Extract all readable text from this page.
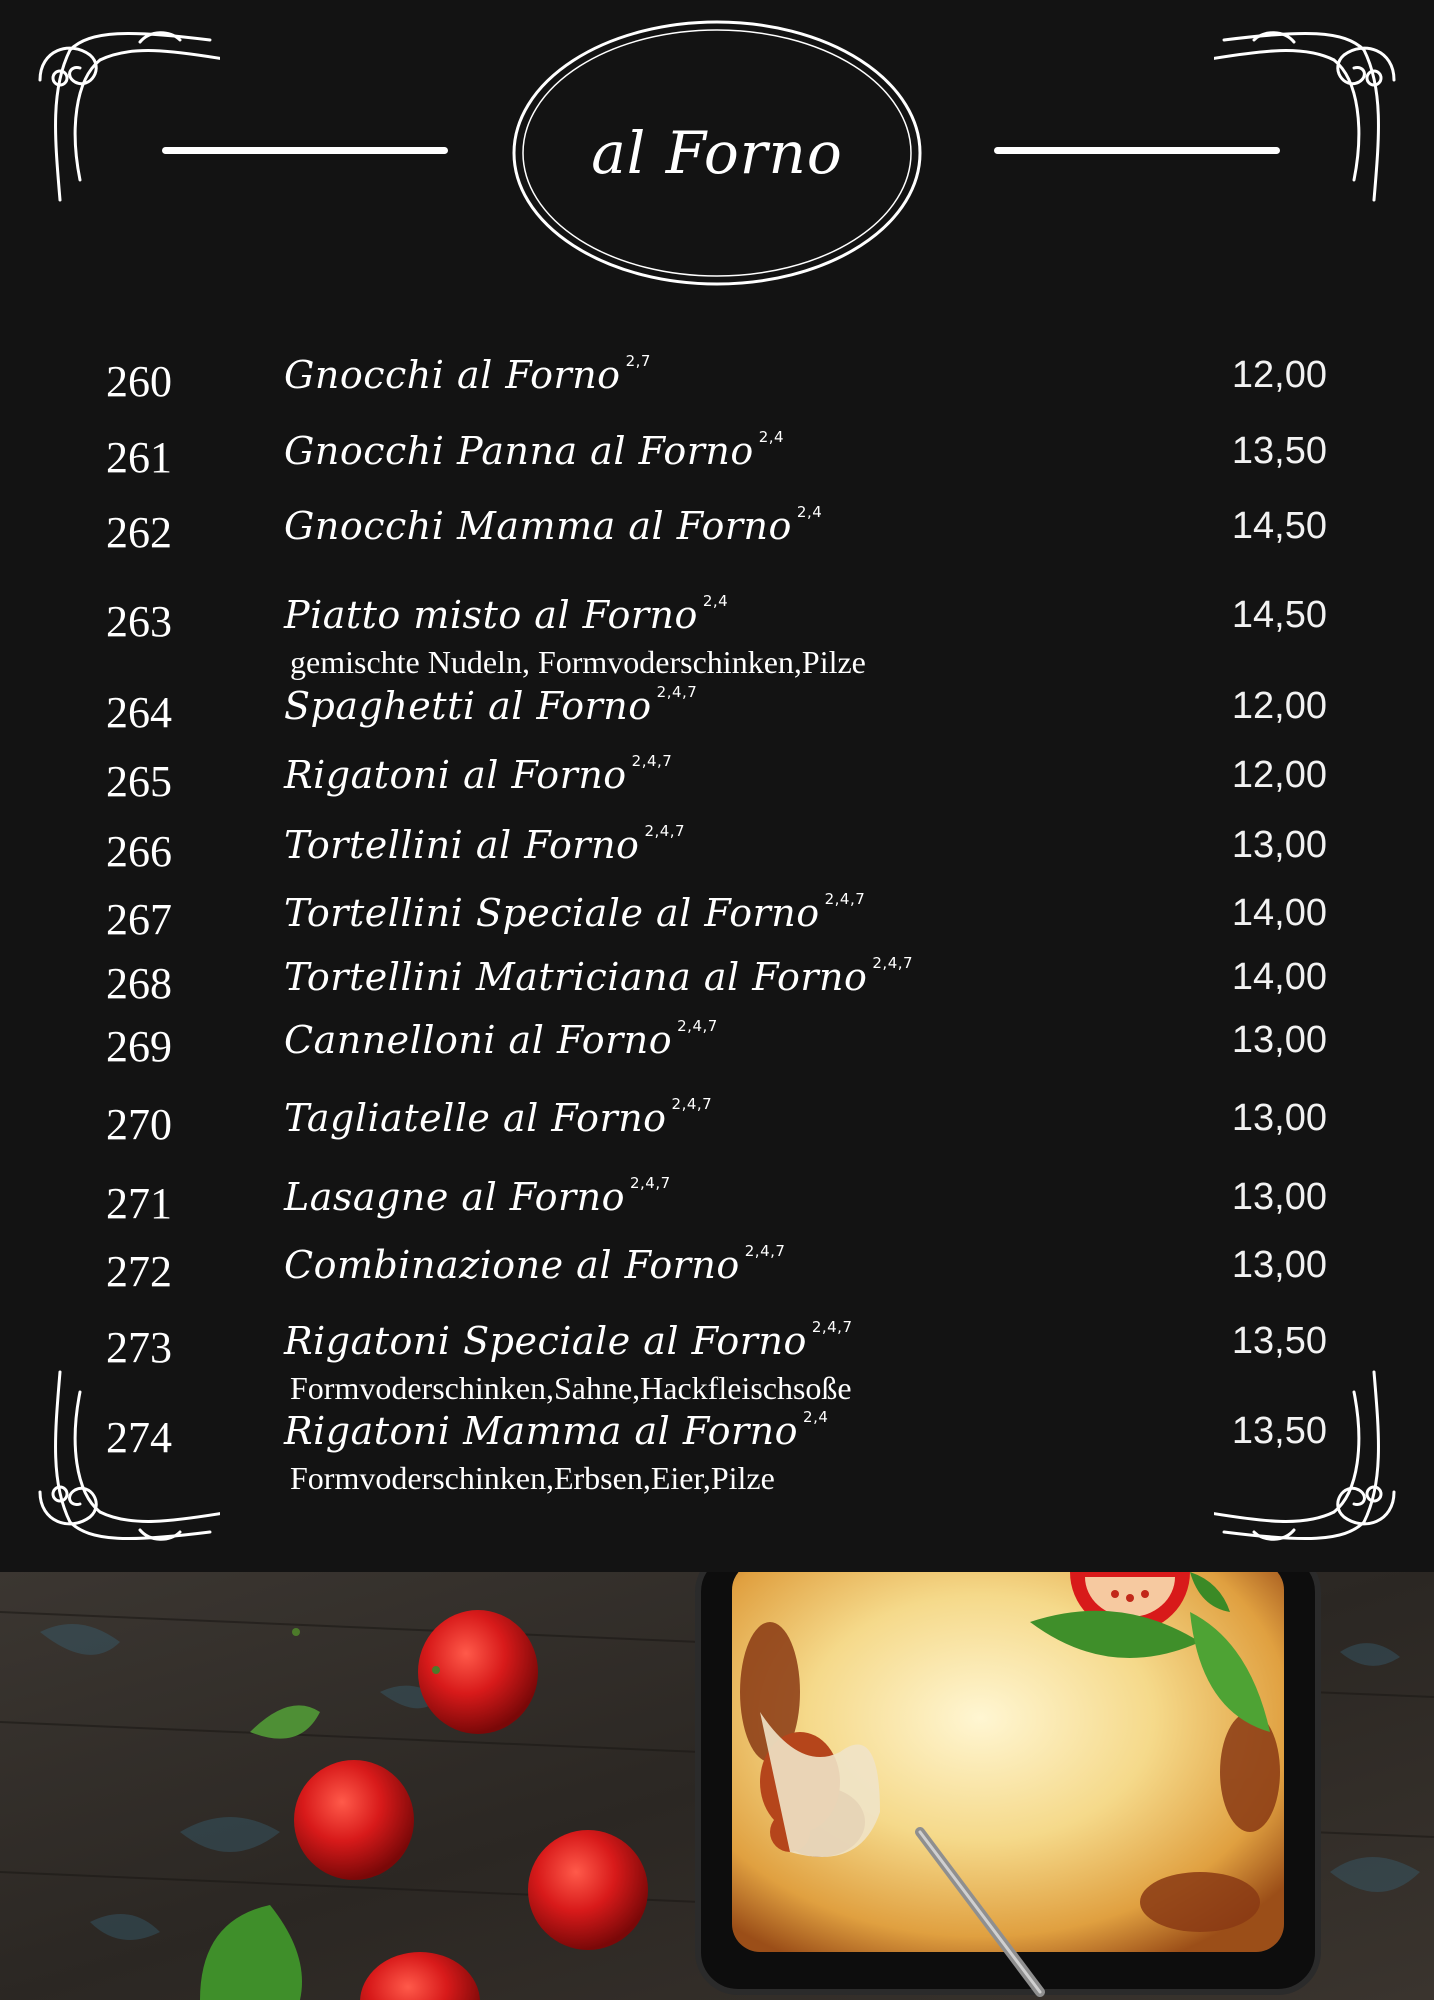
al Forno
260	Gnocchi al Forno $^{2,7}$	12,00
261	Gnocchi Panna al Forno $^{2,4}$	13,50
262	Gnocchi Mamma al Forno $^{2,4}$	14,50
263	Piatto misto al Forno $^{2,4}$	14,50
gemischte Nudeln, Formvoderschinken,Pilze
264	Spaghetti al Forno $^{2,4,7}$	12,00
265	Rigatoni al Forno $^{2,4,7}$	12,00
266	Tortellini al Forno $^{2,4,7}$	13,00
267	Tortellini Speciale al Forno $^{2,4,7}$	14,00
268	Tortellini Matriciana al Forno $^{2,4,7}$	14,00
269	Cannelloni al Forno $^{2,4,7}$	13,00
270	Tagliatelle al Forno $^{2,4,7}$	13,00
271	Lasagne al Forno $^{2,4,7}$	13,00
272	Combinazione al Forno $^{2,4,7}$	13,00
273	Rigatoni Speciale al Forno $^{2,4,7}$	13,50
Formvoderschinken,Sahne,Hackfleischsoße
274	Rigatoni Mamma al Forno $^{2,4}$	13,50
Formvoderschinken,Erbsen,Eier,Pilze
